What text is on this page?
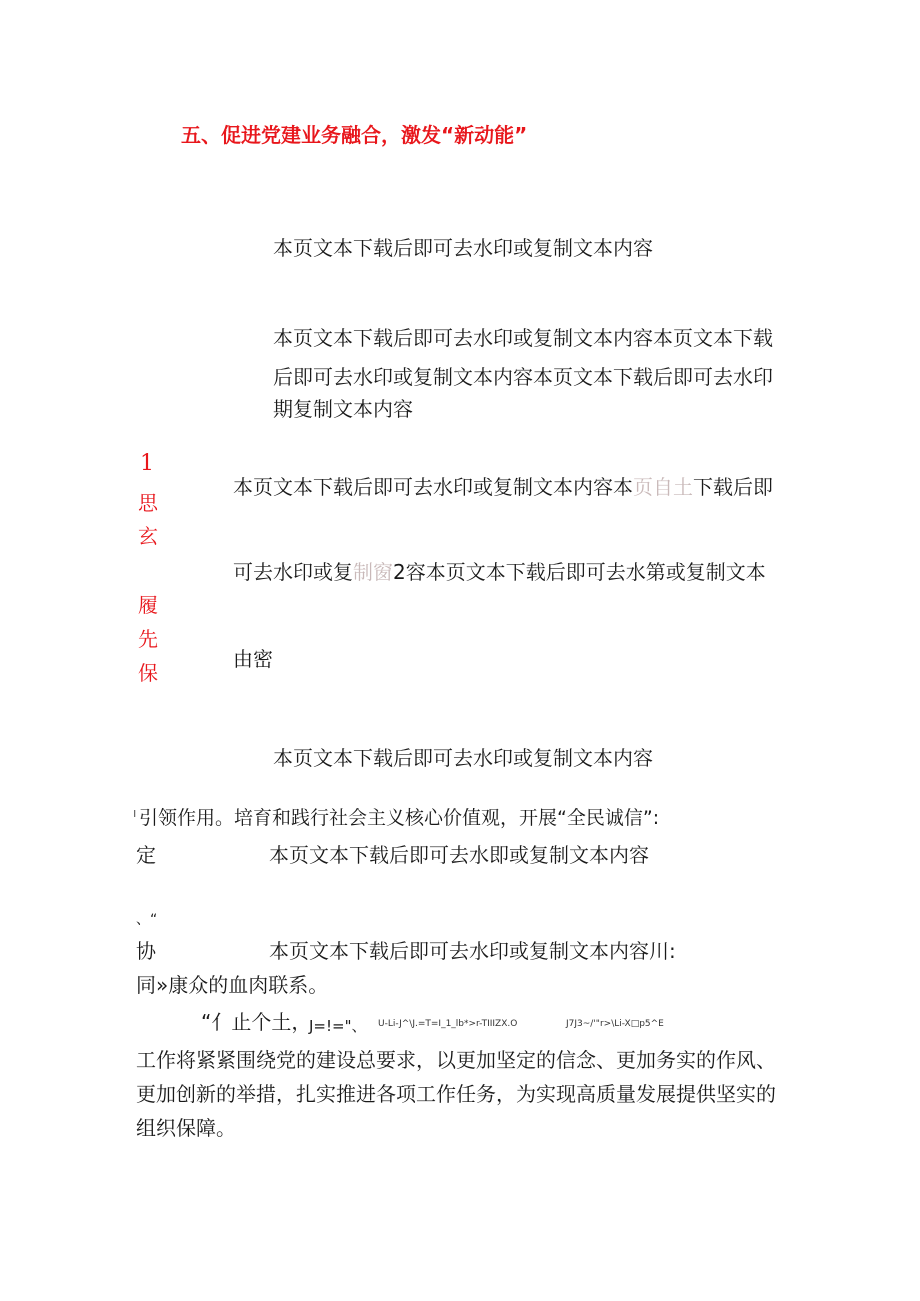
五、促进党建业务融合，激发“新动能”
本页文本下载后即可去水印或复制文本内容
本页文本下载后即可去水印或复制文本内容本页文本下载
后即可去水印或复制文本内容本页文本下载后即可去水印
期复制文本内容
1
思
玄
履
先
保
本页文本下载后即可去水印或复制文本内容本页自土下载后即
可去水印或复制窗2容本页文本下载后即可去水第或复制文本
由密
本页文本下载后即可去水印或复制文本内容
ı 引领作用。培育和践行社会主义核心价值观，开展“全民诚信”:
定	本页文本下载后即可去水即或复制文本内容
、“
协	本页文本下载后即可去水印或复制文本内容川:
同»康众的血肉联系。
“亻止个土，
J=!="、 U-Li-J^\J.=T=I_1_lb*>r-TIIIZX.O	J7J3~/'"r>\Li-X□p5^E
工作将紧紧围绕党的建设总要求，以更加坚定的信念、更加务实的作风、
更加创新的举措，扎实推进各项工作任务，为实现高质量发展提供坚实的
组织保障。
